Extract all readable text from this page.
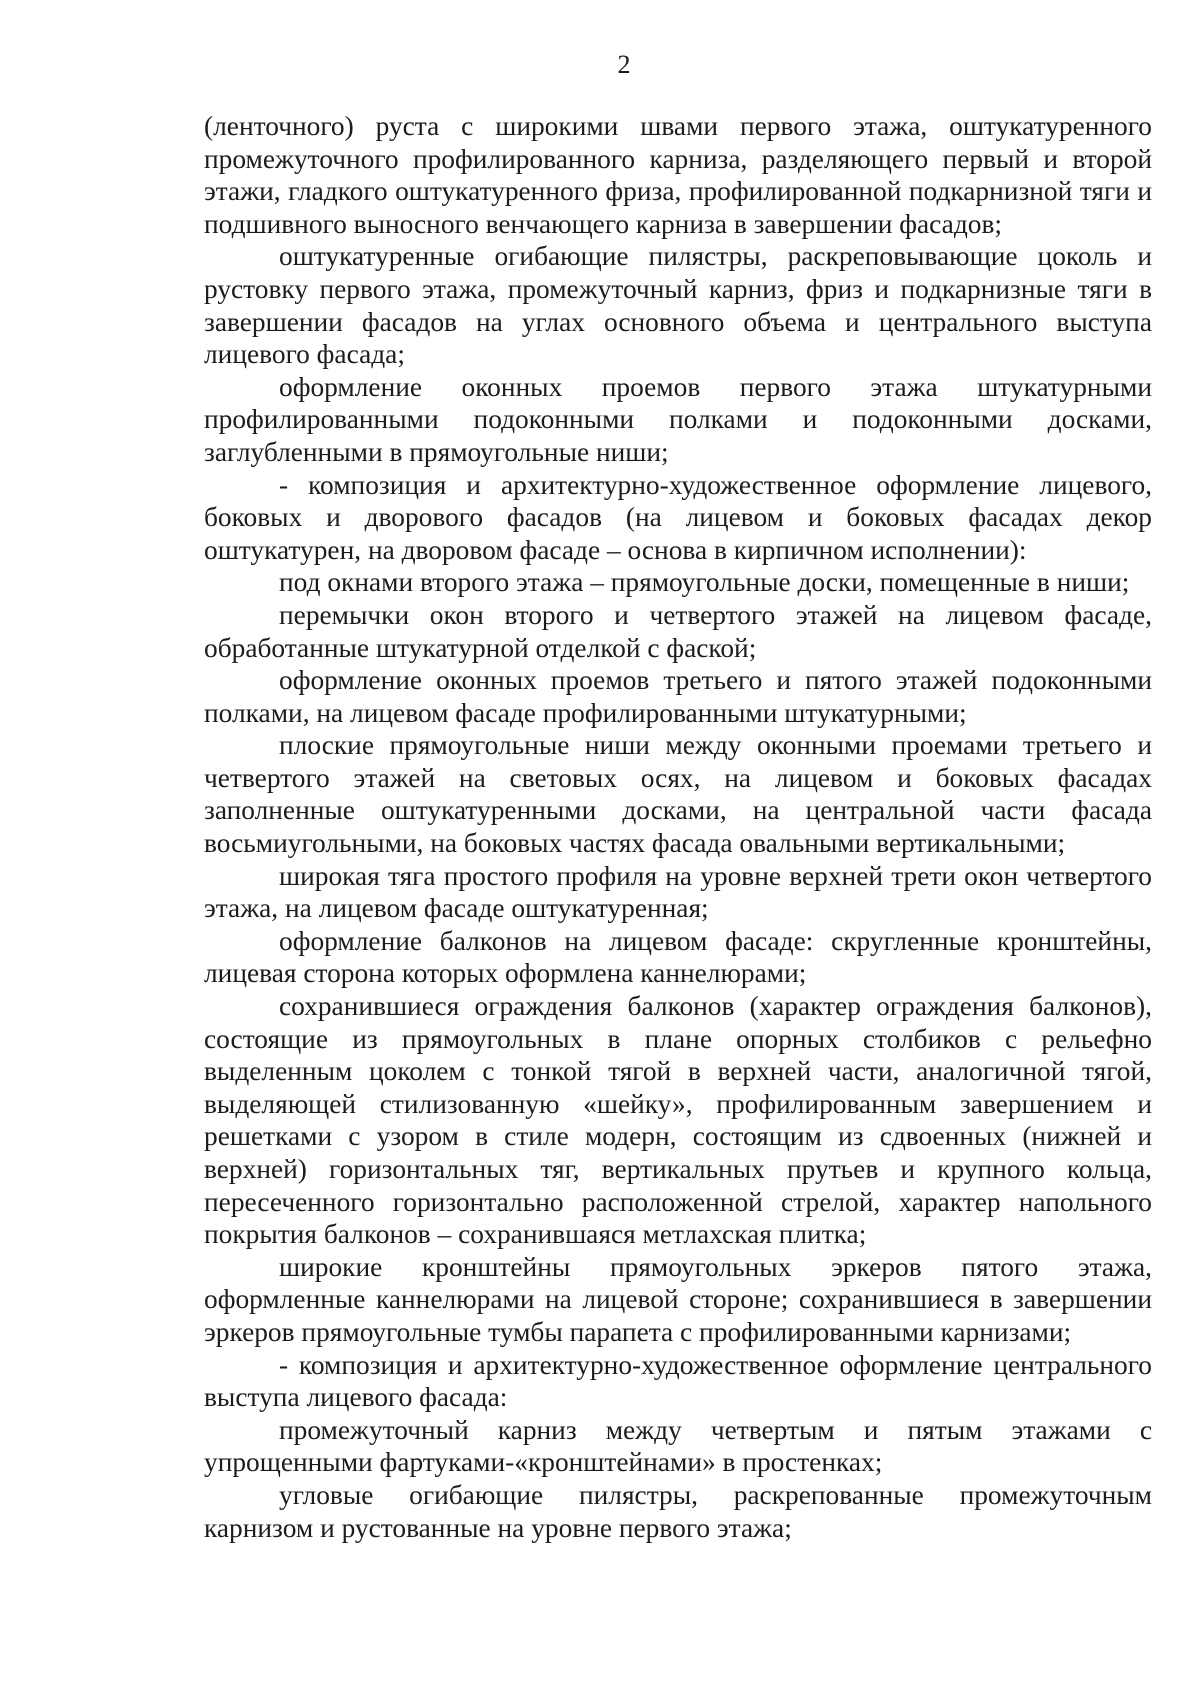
2

(ленточного) руста с широкими швами первого этажа, оштукатуренного промежуточного профилированного карниза, разделяющего первый и второй этажи, гладкого оштукатуренного фриза, профилированной подкарнизной тяги и подшивного выносного венчающего карниза в завершении фасадов;

оштукатуренные огибающие пилястры, раскреповывающие цоколь и рустовку первого этажа, промежуточный карниз, фриз и подкарнизные тяги в завершении фасадов на углах основного объема и центрального выступа лицевого фасада;

оформление оконных проемов первого этажа штукатурными профилированными подоконными полками и подоконными досками, заглубленными в прямоугольные ниши;

- композиция и архитектурно-художественное оформление лицевого, боковых и дворового фасадов (на лицевом и боковых фасадах декор оштукатурен, на дворовом фасаде – основа в кирпичном исполнении):

под окнами второго этажа – прямоугольные доски, помещенные в ниши;

перемычки окон второго и четвертого этажей на лицевом фасаде, обработанные штукатурной отделкой с фаской;

оформление оконных проемов третьего и пятого этажей подоконными полками, на лицевом фасаде профилированными штукатурными;

плоские прямоугольные ниши между оконными проемами третьего и четвертого этажей на световых осях, на лицевом и боковых фасадах заполненные оштукатуренными досками, на центральной части фасада восьмиугольными, на боковых частях фасада овальными вертикальными;

широкая тяга простого профиля на уровне верхней трети окон четвертого этажа, на лицевом фасаде оштукатуренная;

оформление балконов на лицевом фасаде: скругленные кронштейны, лицевая сторона которых оформлена каннелюрами;

сохранившиеся ограждения балконов (характер ограждения балконов), состоящие из прямоугольных в плане опорных столбиков с рельефно выделенным цоколем с тонкой тягой в верхней части, аналогичной тягой, выделяющей стилизованную «шейку», профилированным завершением и решетками с узором в стиле модерн, состоящим из сдвоенных (нижней и верхней) горизонтальных тяг, вертикальных прутьев и крупного кольца, пересеченного горизонтально расположенной стрелой, характер напольного покрытия балконов – сохранившаяся метлахская плитка;

широкие кронштейны прямоугольных эркеров пятого этажа, оформленные каннелюрами на лицевой стороне; сохранившиеся в завершении эркеров прямоугольные тумбы парапета с профилированными карнизами;

- композиция и архитектурно-художественное оформление центрального выступа лицевого фасада:

промежуточный карниз между четвертым и пятым этажами с упрощенными фартуками-«кронштейнами» в простенках;

угловые огибающие пилястры, раскрепованные промежуточным карнизом и рустованные на уровне первого этажа;
